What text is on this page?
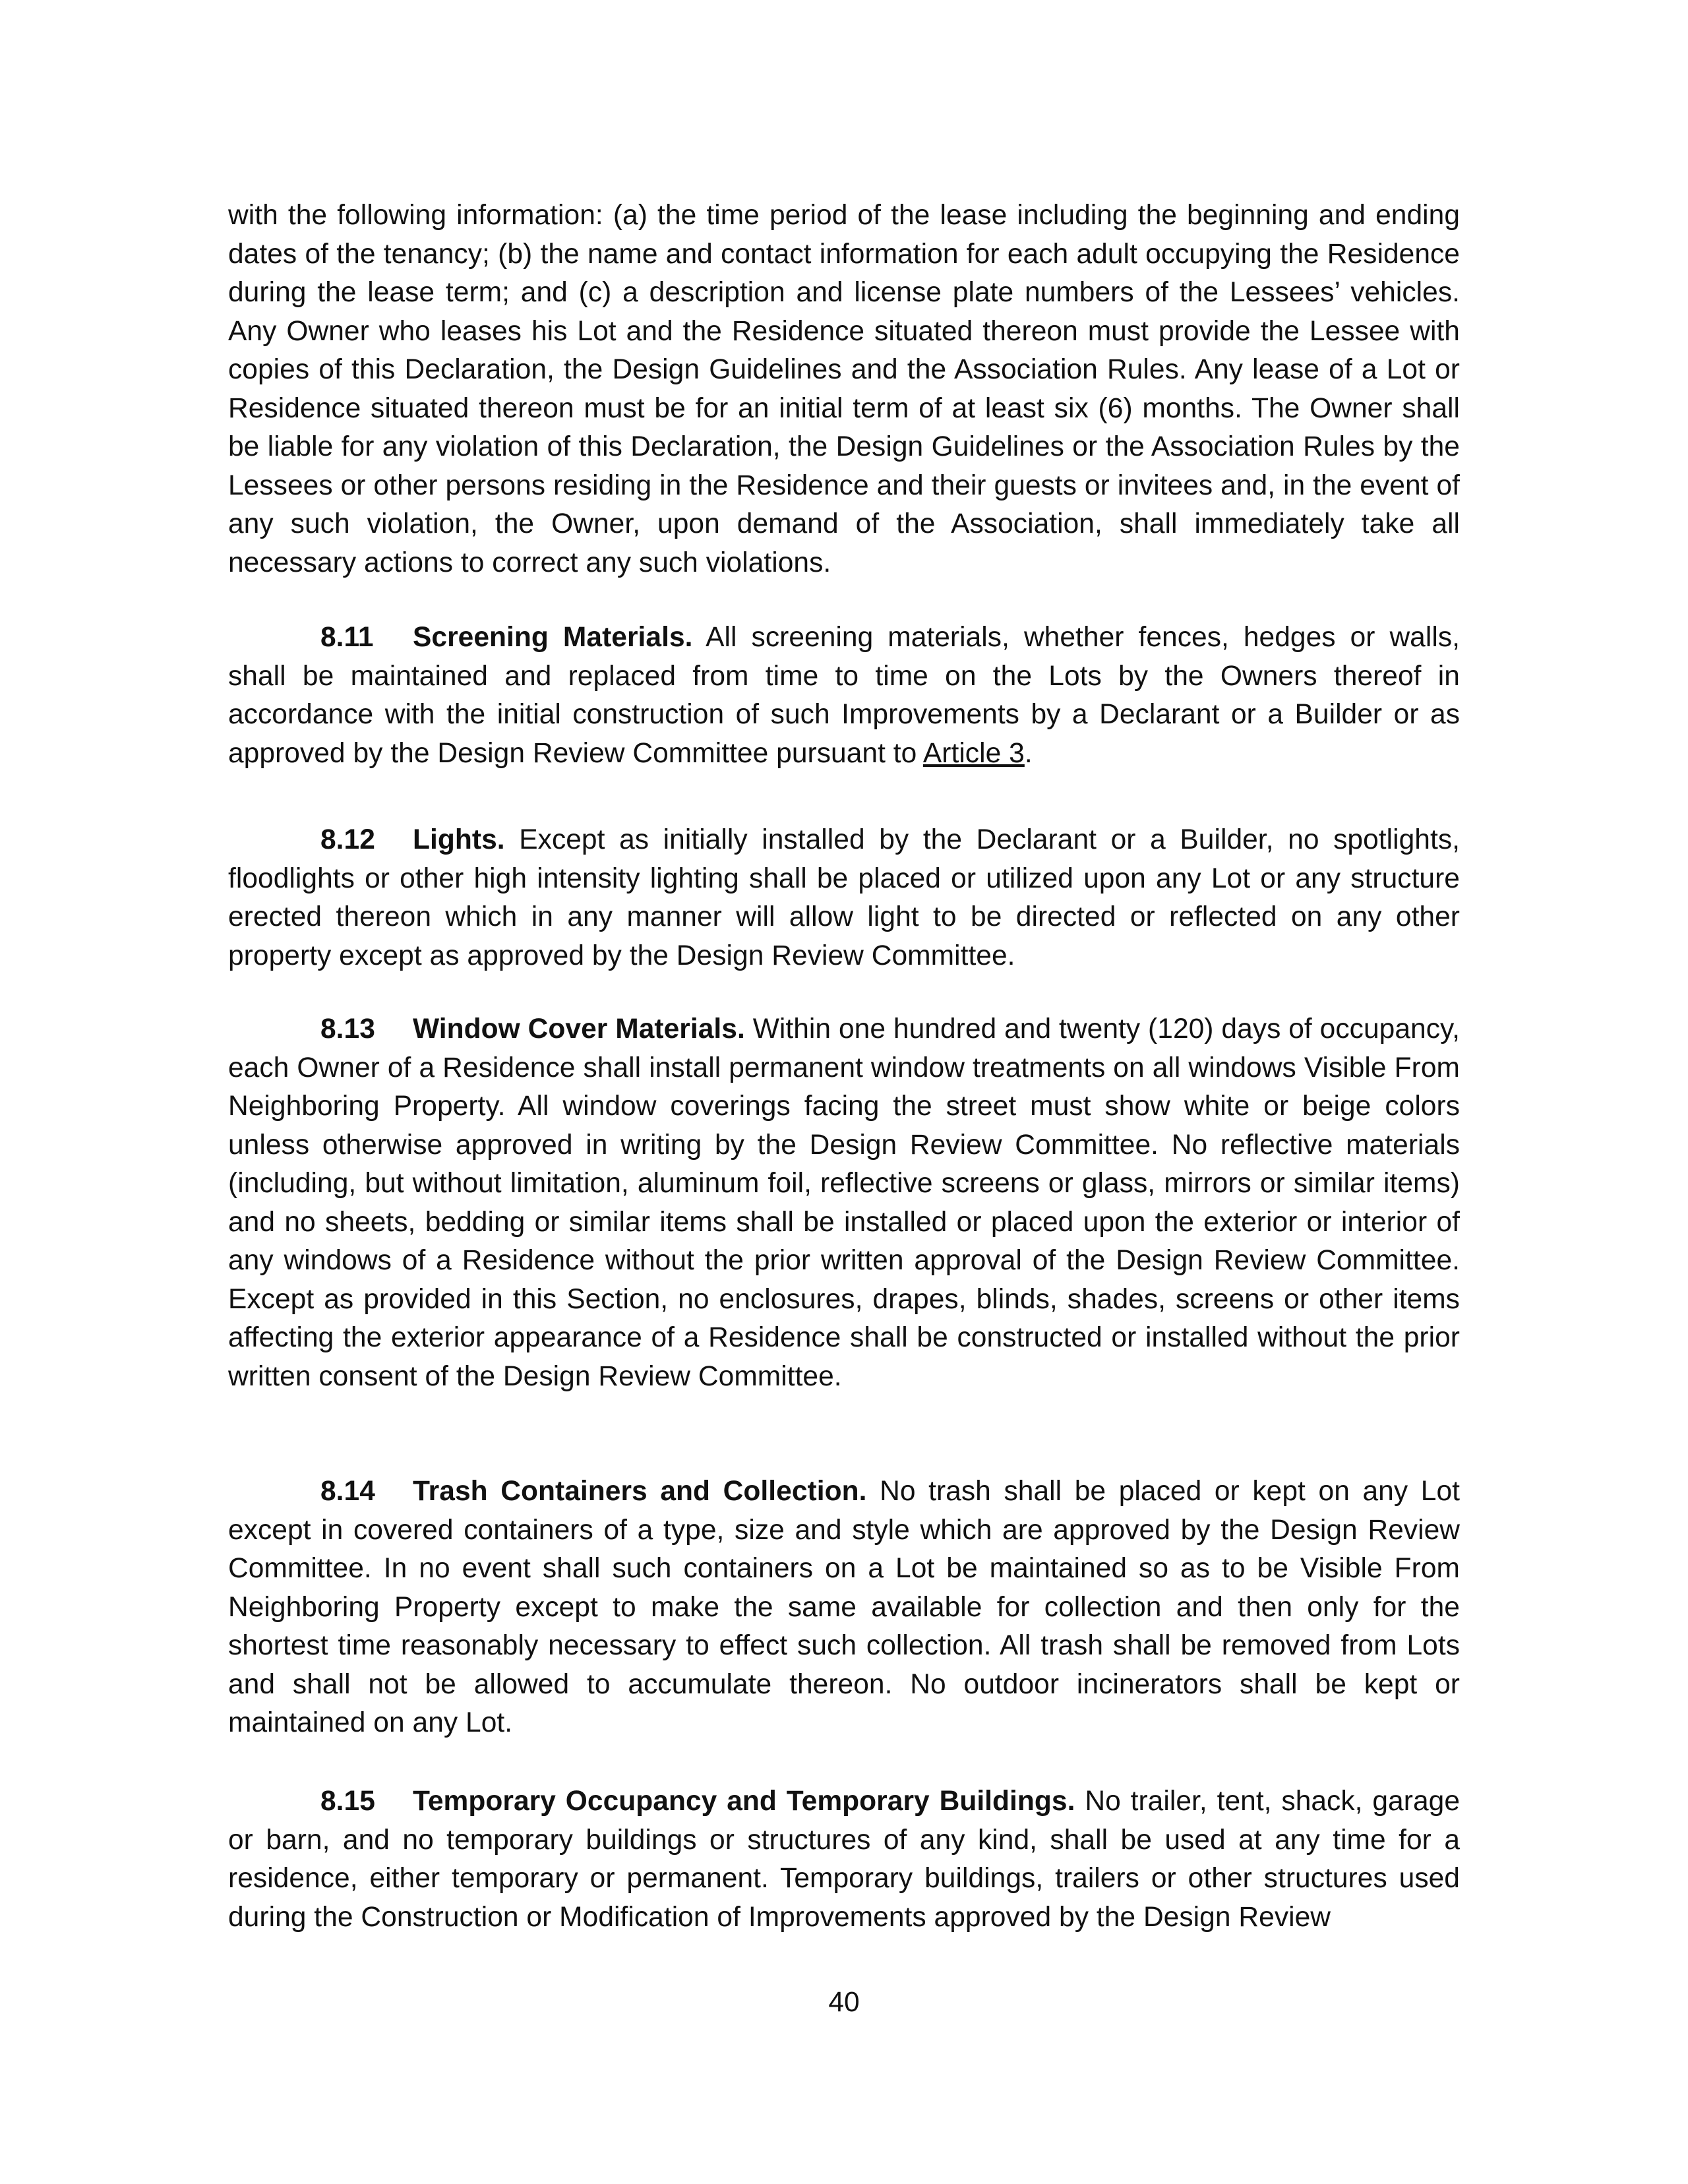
with the following information: (a) the time period of the lease including the beginning and ending dates of the tenancy; (b) the name and contact information for each adult occupying the Residence during the lease term; and (c) a description and license plate numbers of the Lessees’ vehicles. Any Owner who leases his Lot and the Residence situated thereon must provide the Lessee with copies of this Declaration, the Design Guidelines and the Association Rules. Any lease of a Lot or Residence situated thereon must be for an initial term of at least six (6) months. The Owner shall be liable for any violation of this Declaration, the Design Guidelines or the Association Rules by the Lessees or other persons residing in the Residence and their guests or invitees and, in the event of any such violation, the Owner, upon demand of the Association, shall immediately take all necessary actions to correct any such violations.

8.11 Screening Materials. All screening materials, whether fences, hedges or walls, shall be maintained and replaced from time to time on the Lots by the Owners thereof in accordance with the initial construction of such Improvements by a Declarant or a Builder or as approved by the Design Review Committee pursuant to Article 3.

8.12 Lights. Except as initially installed by the Declarant or a Builder, no spotlights, floodlights or other high intensity lighting shall be placed or utilized upon any Lot or any structure erected thereon which in any manner will allow light to be directed or reflected on any other property except as approved by the Design Review Committee.

8.13 Window Cover Materials. Within one hundred and twenty (120) days of occupancy, each Owner of a Residence shall install permanent window treatments on all windows Visible From Neighboring Property. All window coverings facing the street must show white or beige colors unless otherwise approved in writing by the Design Review Committee. No reflective materials (including, but without limitation, aluminum foil, reflective screens or glass, mirrors or similar items) and no sheets, bedding or similar items shall be installed or placed upon the exterior or interior of any windows of a Residence without the prior written approval of the Design Review Committee. Except as provided in this Section, no enclosures, drapes, blinds, shades, screens or other items affecting the exterior appearance of a Residence shall be constructed or installed without the prior written consent of the Design Review Committee.

8.14 Trash Containers and Collection. No trash shall be placed or kept on any Lot except in covered containers of a type, size and style which are approved by the Design Review Committee. In no event shall such containers on a Lot be maintained so as to be Visible From Neighboring Property except to make the same available for collection and then only for the shortest time reasonably necessary to effect such collection. All trash shall be removed from Lots and shall not be allowed to accumulate thereon. No outdoor incinerators shall be kept or maintained on any Lot.

8.15 Temporary Occupancy and Temporary Buildings. No trailer, tent, shack, garage or barn, and no temporary buildings or structures of any kind, shall be used at any time for a residence, either temporary or permanent. Temporary buildings, trailers or other structures used during the Construction or Modification of Improvements approved by the Design Review

40
